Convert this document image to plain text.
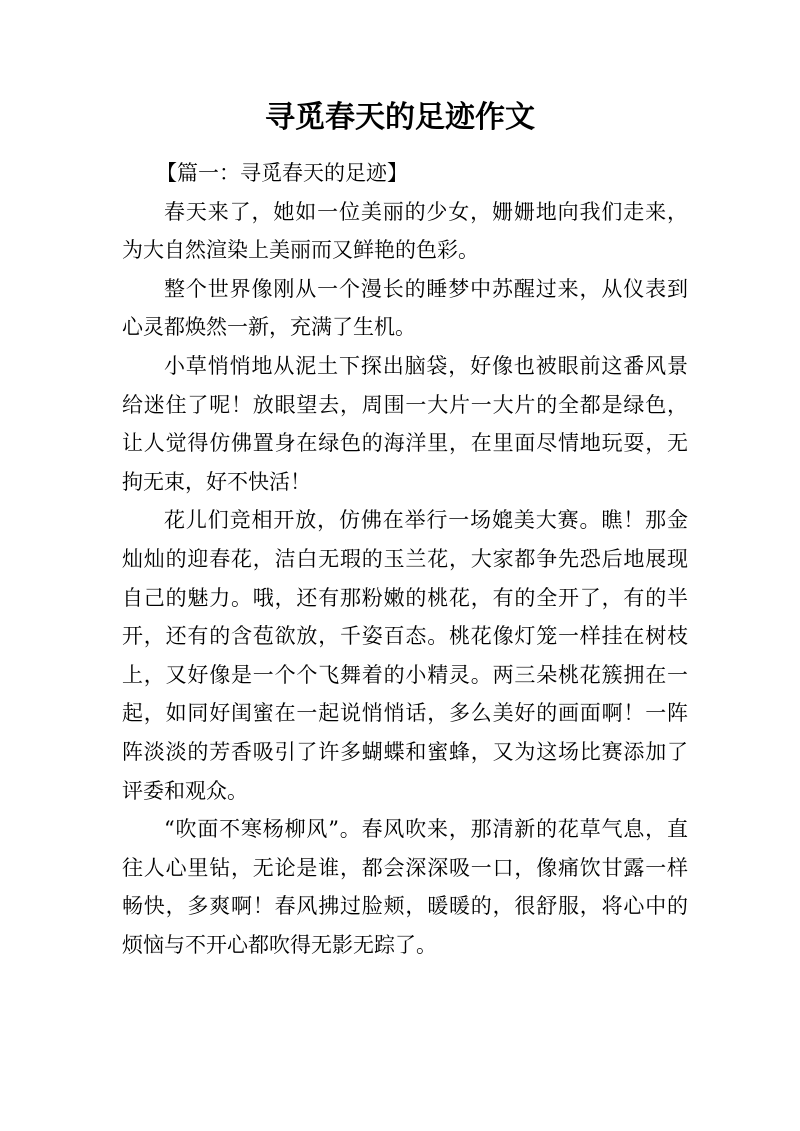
寻觅春天的足迹作文

【篇一：寻觅春天的足迹】

春天来了，她如一位美丽的少女，姗姗地向我们走来，为大自然渲染上美丽而又鲜艳的色彩。

整个世界像刚从一个漫长的睡梦中苏醒过来，从仪表到心灵都焕然一新，充满了生机。

小草悄悄地从泥土下探出脑袋，好像也被眼前这番风景给迷住了呢！放眼望去，周围一大片一大片的全都是绿色，让人觉得仿佛置身在绿色的海洋里，在里面尽情地玩耍，无拘无束，好不快活！

花儿们竞相开放，仿佛在举行一场媲美大赛。瞧！那金灿灿的迎春花，洁白无瑕的玉兰花，大家都争先恐后地展现自己的魅力。哦，还有那粉嫩的桃花，有的全开了，有的半开，还有的含苞欲放，千姿百态。桃花像灯笼一样挂在树枝上，又好像是一个个飞舞着的小精灵。两三朵桃花簇拥在一起，如同好闺蜜在一起说悄悄话，多么美好的画面啊！一阵阵淡淡的芳香吸引了许多蝴蝶和蜜蜂，又为这场比赛添加了评委和观众。

“吹面不寒杨柳风”。春风吹来，那清新的花草气息，直往人心里钻，无论是谁，都会深深吸一口，像痛饮甘露一样畅快，多爽啊！春风拂过脸颊，暖暖的，很舒服，将心中的烦恼与不开心都吹得无影无踪了。
